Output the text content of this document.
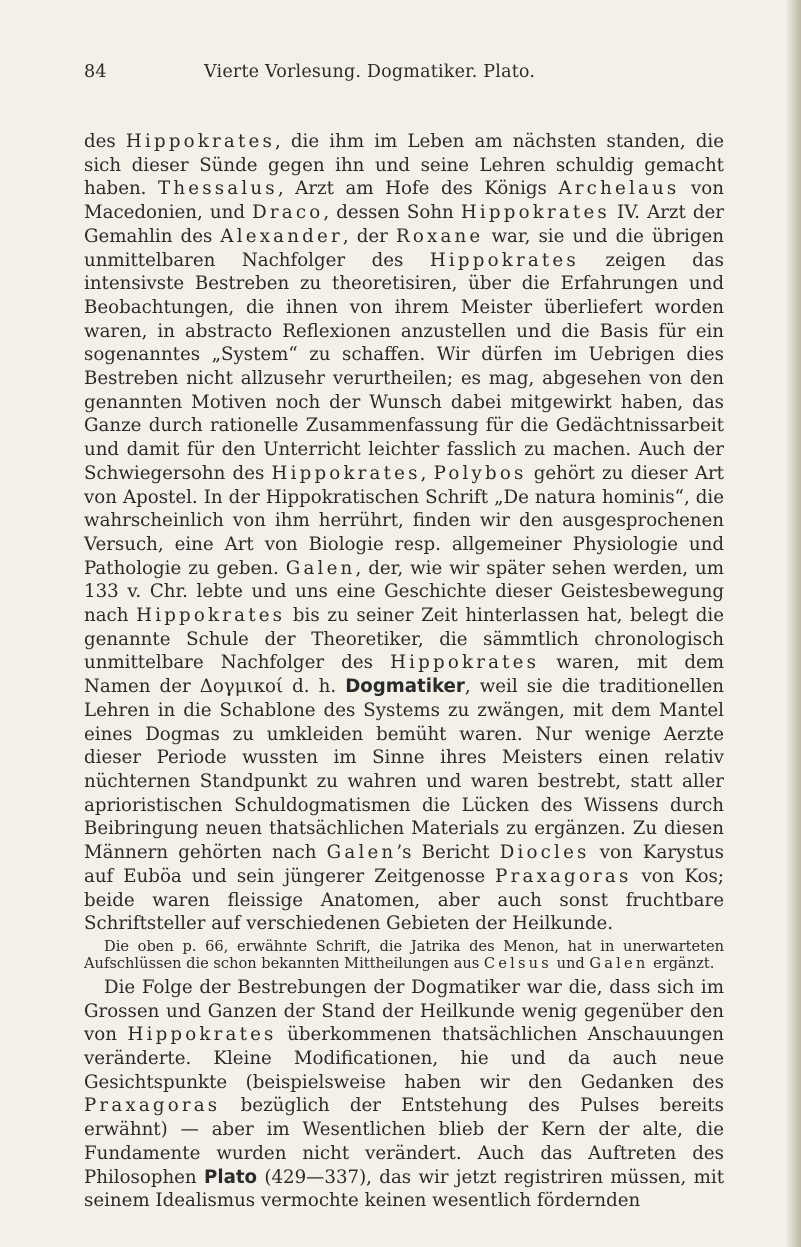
84	Vierte Vorlesung. Dogmatiker. Plato.

des Hippokrates, die ihm im Leben am nächsten standen, die sich dieser Sünde gegen ihn und seine Lehren schuldig gemacht haben. Thessalus, Arzt am Hofe des Königs Archelaus von Macedonien, und Draco, dessen Sohn Hippokrates IV. Arzt der Gemahlin des Alexander, der Roxane war, sie und die übrigen unmittelbaren Nachfolger des Hippokrates zeigen das intensivste Bestreben zu theoretisiren, über die Erfahrungen und Beobachtungen, die ihnen von ihrem Meister überliefert worden waren, in abstracto Reflexionen anzustellen und die Basis für ein sogenanntes „System“ zu schaffen. Wir dürfen im Uebrigen dies Bestreben nicht allzusehr verurtheilen; es mag, abgesehen von den genannten Motiven noch der Wunsch dabei mitgewirkt haben, das Ganze durch rationelle Zusammenfassung für die Gedächtnissarbeit und damit für den Unterricht leichter fasslich zu machen. Auch der Schwiegersohn des Hippokrates, Polybos gehört zu dieser Art von Apostel. In der Hippokratischen Schrift „De natura hominis“, die wahrscheinlich von ihm herrührt, finden wir den ausgesprochenen Versuch, eine Art von Biologie resp. allgemeiner Physiologie und Pathologie zu geben. Galen, der, wie wir später sehen werden, um 133 v. Chr. lebte und uns eine Geschichte dieser Geistesbewegung nach Hippokrates bis zu seiner Zeit hinterlassen hat, belegt die genannte Schule der Theoretiker, die sämmtlich chronologisch unmittelbare Nachfolger des Hippokrates waren, mit dem Namen der Δογμικοί d. h. Dogmatiker, weil sie die traditionellen Lehren in die Schablone des Systems zu zwängen, mit dem Mantel eines Dogmas zu umkleiden bemüht waren. Nur wenige Aerzte dieser Periode wussten im Sinne ihres Meisters einen relativ nüchternen Standpunkt zu wahren und waren bestrebt, statt aller aprioristischen Schuldogmatismen die Lücken des Wissens durch Beibringung neuen thatsächlichen Materials zu ergänzen. Zu diesen Männern gehörten nach Galen’s Bericht Diocles von Karystus auf Euböa und sein jüngerer Zeitgenosse Praxagoras von Kos; beide waren fleissige Anatomen, aber auch sonst fruchtbare Schriftsteller auf verschiedenen Gebieten der Heilkunde.

Die oben p. 66, erwähnte Schrift, die Jatrika des Menon, hat in unerwarteten Aufschlüssen die schon bekannten Mittheilungen aus Celsus und Galen ergänzt.

Die Folge der Bestrebungen der Dogmatiker war die, dass sich im Grossen und Ganzen der Stand der Heilkunde wenig gegenüber den von Hippokrates überkommenen thatsächlichen Anschauungen veränderte. Kleine Modificationen, hie und da auch neue Gesichtspunkte (beispielsweise haben wir den Gedanken des Praxagoras bezüglich der Entstehung des Pulses bereits erwähnt) — aber im Wesentlichen blieb der Kern der alte, die Fundamente wurden nicht verändert. Auch das Auftreten des Philosophen Plato (429—337), das wir jetzt registriren müssen, mit seinem Idealismus vermochte keinen wesentlich fördernden
